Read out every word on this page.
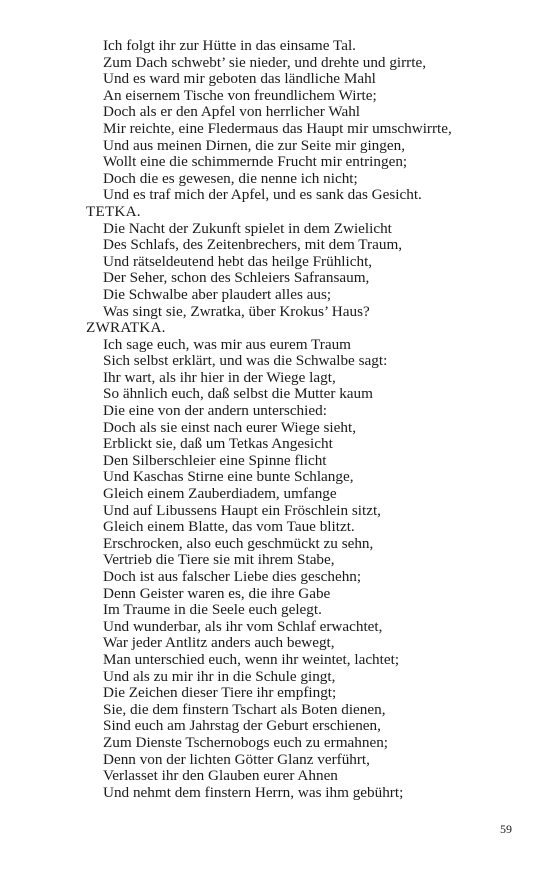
Ich folgt ihr zur Hütte in das einsame Tal.
Zum Dach schwebt’ sie nieder, und drehte und girrte,
Und es ward mir geboten das ländliche Mahl
An eisernem Tische von freundlichem Wirte;
Doch als er den Apfel von herrlicher Wahl
Mir reichte, eine Fledermaus das Haupt mir umschwirrte,
Und aus meinen Dirnen, die zur Seite mir gingen,
Wollt eine die schimmernde Frucht mir entringen;
Doch die es gewesen, die nenne ich nicht;
Und es traf mich der Apfel, und es sank das Gesicht.
TETKA.
Die Nacht der Zukunft spielet in dem Zwielicht
Des Schlafs, des Zeitenbrechers, mit dem Traum,
Und rätseldeutend hebt das heilge Frühlicht,
Der Seher, schon des Schleiers Safransaum,
Die Schwalbe aber plaudert alles aus;
Was singt sie, Zwratka, über Krokus’ Haus?
ZWRATKA.
Ich sage euch, was mir aus eurem Traum
Sich selbst erklärt, und was die Schwalbe sagt:
Ihr wart, als ihr hier in der Wiege lagt,
So ähnlich euch, daß selbst die Mutter kaum
Die eine von der andern unterschied:
Doch als sie einst nach eurer Wiege sieht,
Erblickt sie, daß um Tetkas Angesicht
Den Silberschleier eine Spinne flicht
Und Kaschas Stirne eine bunte Schlange,
Gleich einem Zauberdiadem, umfange
Und auf Libussens Haupt ein Fröschlein sitzt,
Gleich einem Blatte, das vom Taue blitzt.
Erschrocken, also euch geschmückt zu sehn,
Vertrieb die Tiere sie mit ihrem Stabe,
Doch ist aus falscher Liebe dies geschehn;
Denn Geister waren es, die ihre Gabe
Im Traume in die Seele euch gelegt.
Und wunderbar, als ihr vom Schlaf erwachtet,
War jeder Antlitz anders auch bewegt,
Man unterschied euch, wenn ihr weintet, lachtet;
Und als zu mir ihr in die Schule gingt,
Die Zeichen dieser Tiere ihr empfingt;
Sie, die dem finstern Tschart als Boten dienen,
Sind euch am Jahrstag der Geburt erschienen,
Zum Dienste Tschernobogs euch zu ermahnen;
Denn von der lichten Götter Glanz verführt,
Verlasset ihr den Glauben eurer Ahnen
Und nehmt dem finstern Herrn, was ihm gebührt;
59
